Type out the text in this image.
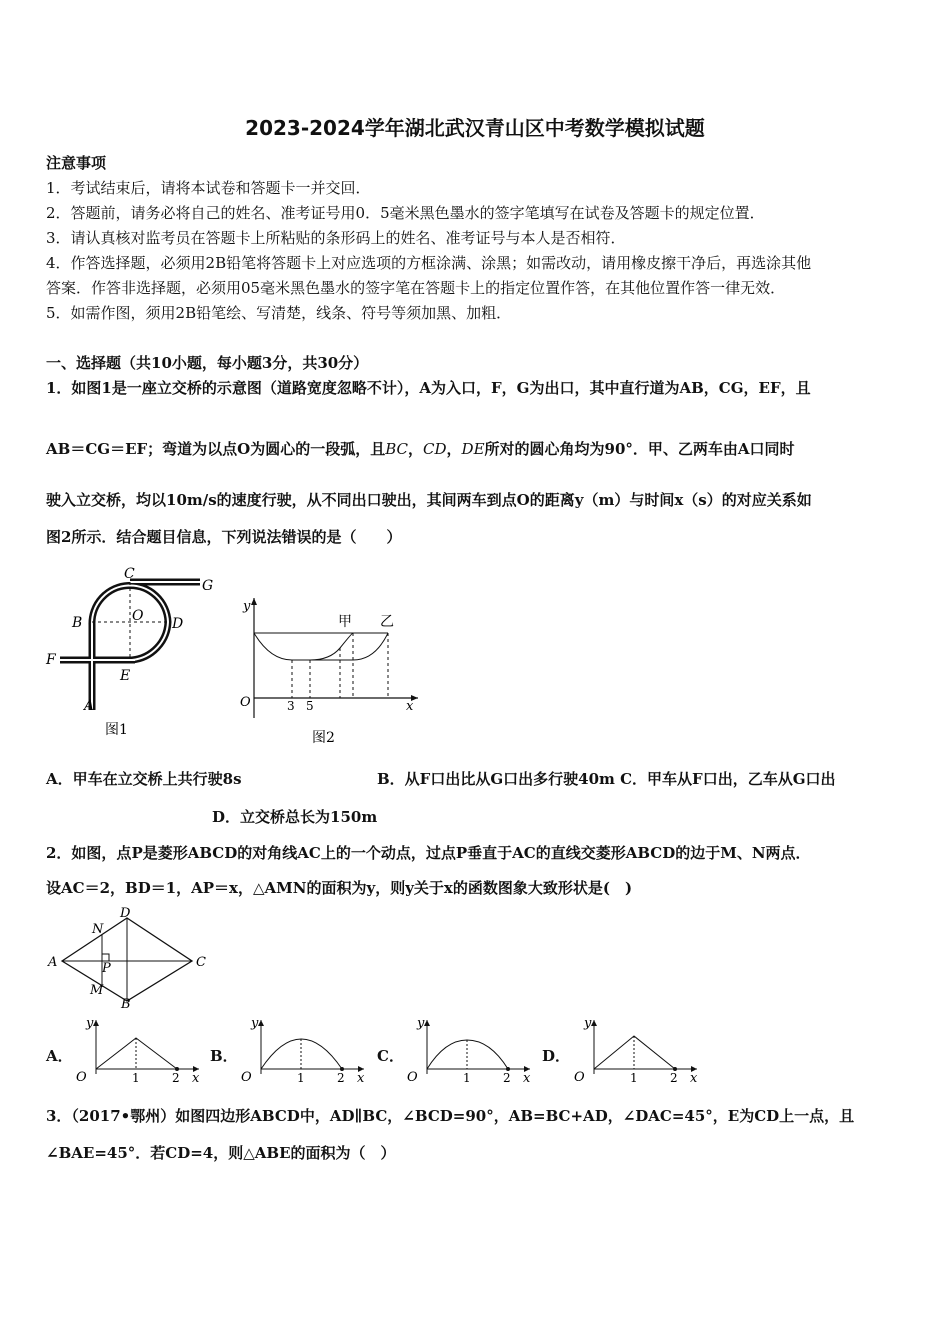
2023-2024学年湖北武汉青山区中考数学模拟试题
注意事项
1．考试结束后，请将本试卷和答题卡一并交回．
2．答题前，请务必将自己的姓名、准考证号用0．5毫米黑色墨水的签字笔填写在试卷及答题卡的规定位置．
3．请认真核对监考员在答题卡上所粘贴的条形码上的姓名、准考证号与本人是否相符．
4．作答选择题，必须用2B铅笔将答题卡上对应选项的方框涂满、涂黑；如需改动，请用橡皮擦干净后，再选涂其他
答案．作答非选择题，必须用05毫米黑色墨水的签字笔在答题卡上的指定位置作答，在其他位置作答一律无效．
5．如需作图，须用2B铅笔绘、写清楚，线条、符号等须加黑、加粗．
一、选择题（共10小题，每小题3分，共30分）
1．如图1是一座立交桥的示意图（道路宽度忽略不计），A为入口，F，G为出口，其中直行道为AB，CG，EF，且
AB＝CG＝EF；弯道为以点O为圆心的一段弧，且BC，CD，DE所对的圆心角均为90°．甲、乙两车由A口同时
驶入立交桥，均以10m/s的速度行驶，从不同出口驶出，其间两车到点O的距离y（m）与时间x（s）的对应关系如
图2所示．结合题目信息，下列说法错误的是（　　）
C
G
B	O D
F
E
A
图1
y
甲 乙
O	3 5	x
图2
A．甲车在立交桥上共行驶8s	B．从F口出比从G口出多行驶40m C．甲车从F口出，乙车从G口出
D．立交桥总长为150m
2．如图，点P是菱形ABCD的对角线AC上的一个动点，过点P垂直于AC的直线交菱形ABCD的边于M、N两点．
设AC＝2，BD＝1，AP＝x，△AMN的面积为y，则y关于x的函数图象大致形状是(　)
A
B
C
D
N
M
P
A．
y
O	1	2 x
B．
y
O	1	2 x
C．
y
O	1	2 x
D．
y
O	1	2 x
3．（2017•鄂州）如图四边形ABCD中，AD∥BC，∠BCD=90°，AB=BC+AD，∠DAC=45°，E为CD上一点，且
∠BAE=45°．若CD=4，则△ABE的面积为（　）
